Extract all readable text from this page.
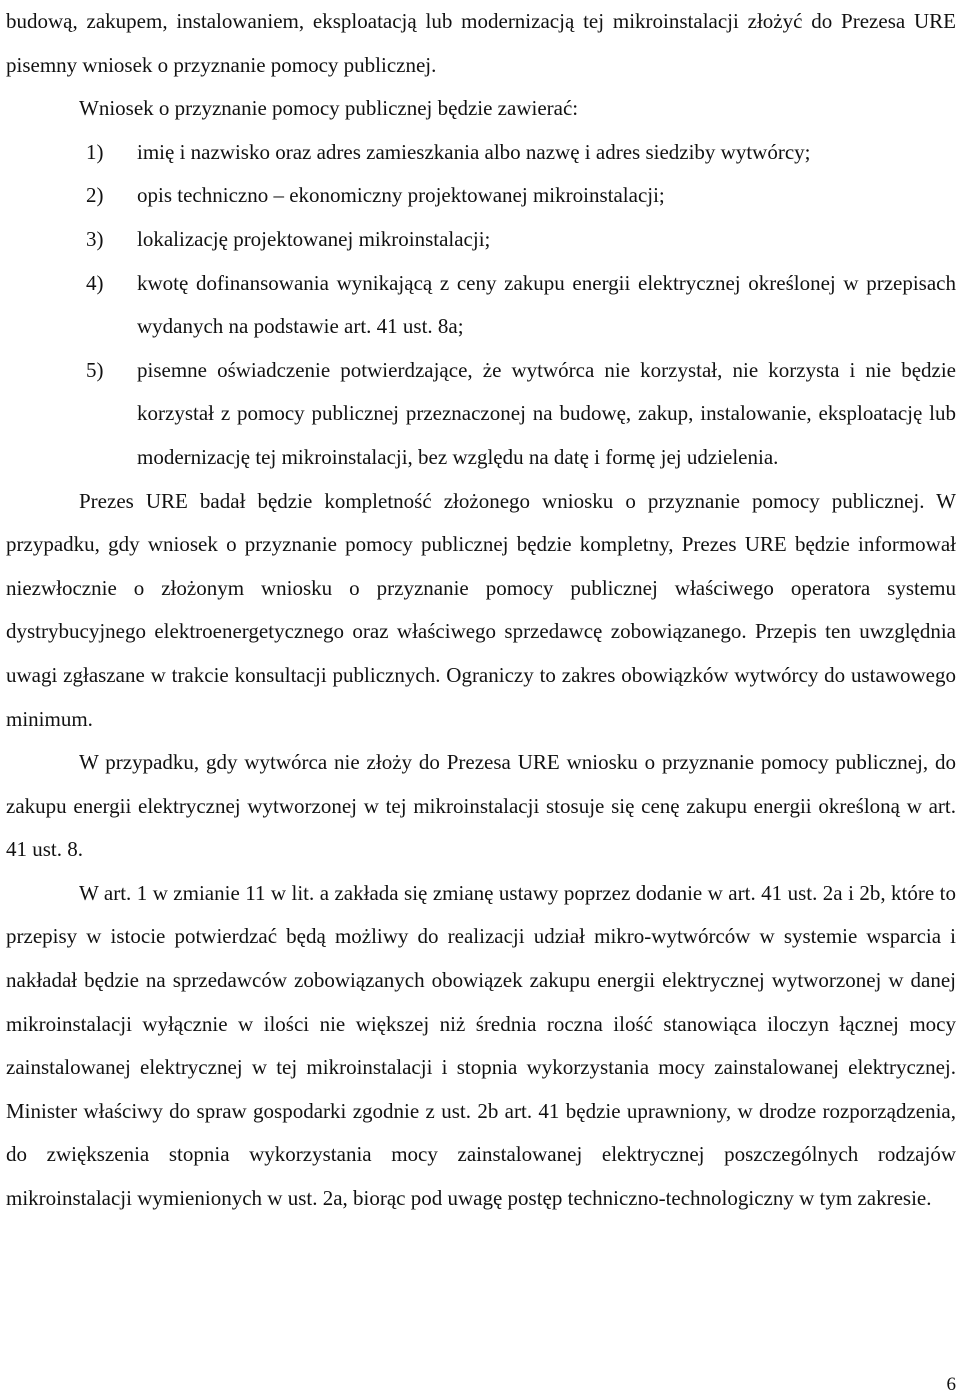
budową, zakupem, instalowaniem, eksploatacją lub modernizacją tej mikroinstalacji złożyć do Prezesa URE pisemny wniosek o przyznanie pomocy publicznej.

Wniosek o przyznanie pomocy publicznej będzie zawierać:

1) imię i nazwisko oraz adres zamieszkania albo nazwę i adres siedziby wytwórcy;
2) opis techniczno – ekonomiczny projektowanej mikroinstalacji;
3) lokalizację projektowanej mikroinstalacji;
4) kwotę dofinansowania wynikającą z ceny zakupu energii elektrycznej określonej w przepisach wydanych na podstawie art. 41 ust. 8a;
5) pisemne oświadczenie potwierdzające, że wytwórca nie korzystał, nie korzysta i nie będzie korzystał z pomocy publicznej przeznaczonej na budowę, zakup, instalowanie, eksploatację lub modernizację tej mikroinstalacji, bez względu na datę i formę jej udzielenia.

Prezes URE badał będzie kompletność złożonego wniosku o przyznanie pomocy publicznej. W przypadku, gdy wniosek o przyznanie pomocy publicznej będzie kompletny, Prezes URE będzie informował niezwłocznie o złożonym wniosku o przyznanie pomocy publicznej właściwego operatora systemu dystrybucyjnego elektroenergetycznego oraz właściwego sprzedawcę zobowiązanego. Przepis ten uwzględnia uwagi zgłaszane w trakcie konsultacji publicznych. Ograniczy to zakres obowiązków wytwórcy do ustawowego minimum.

W przypadku, gdy wytwórca nie złoży do Prezesa URE wniosku o przyznanie pomocy publicznej, do zakupu energii elektrycznej wytworzonej w tej mikroinstalacji stosuje się cenę zakupu energii określoną w art. 41 ust. 8.

W art. 1 w zmianie 11 w lit. a zakłada się zmianę ustawy poprzez dodanie w art. 41 ust. 2a i 2b, które to przepisy w istocie potwierdzać będą możliwy do realizacji udział mikro-wytwórców w systemie wsparcia i nakładał będzie na sprzedawców zobowiązanych obowiązek zakupu energii elektrycznej wytworzonej w danej mikroinstalacji wyłącznie w ilości nie większej niż średnia roczna ilość stanowiąca iloczyn łącznej mocy zainstalowanej elektrycznej w tej mikroinstalacji i stopnia wykorzystania mocy zainstalowanej elektrycznej. Minister właściwy do spraw gospodarki zgodnie z ust. 2b art. 41 będzie uprawniony, w drodze rozporządzenia, do zwiększenia stopnia wykorzystania mocy zainstalowanej elektrycznej poszczególnych rodzajów mikroinstalacji wymienionych w ust. 2a, biorąc pod uwagę postęp techniczno-technologiczny w tym zakresie.

6
